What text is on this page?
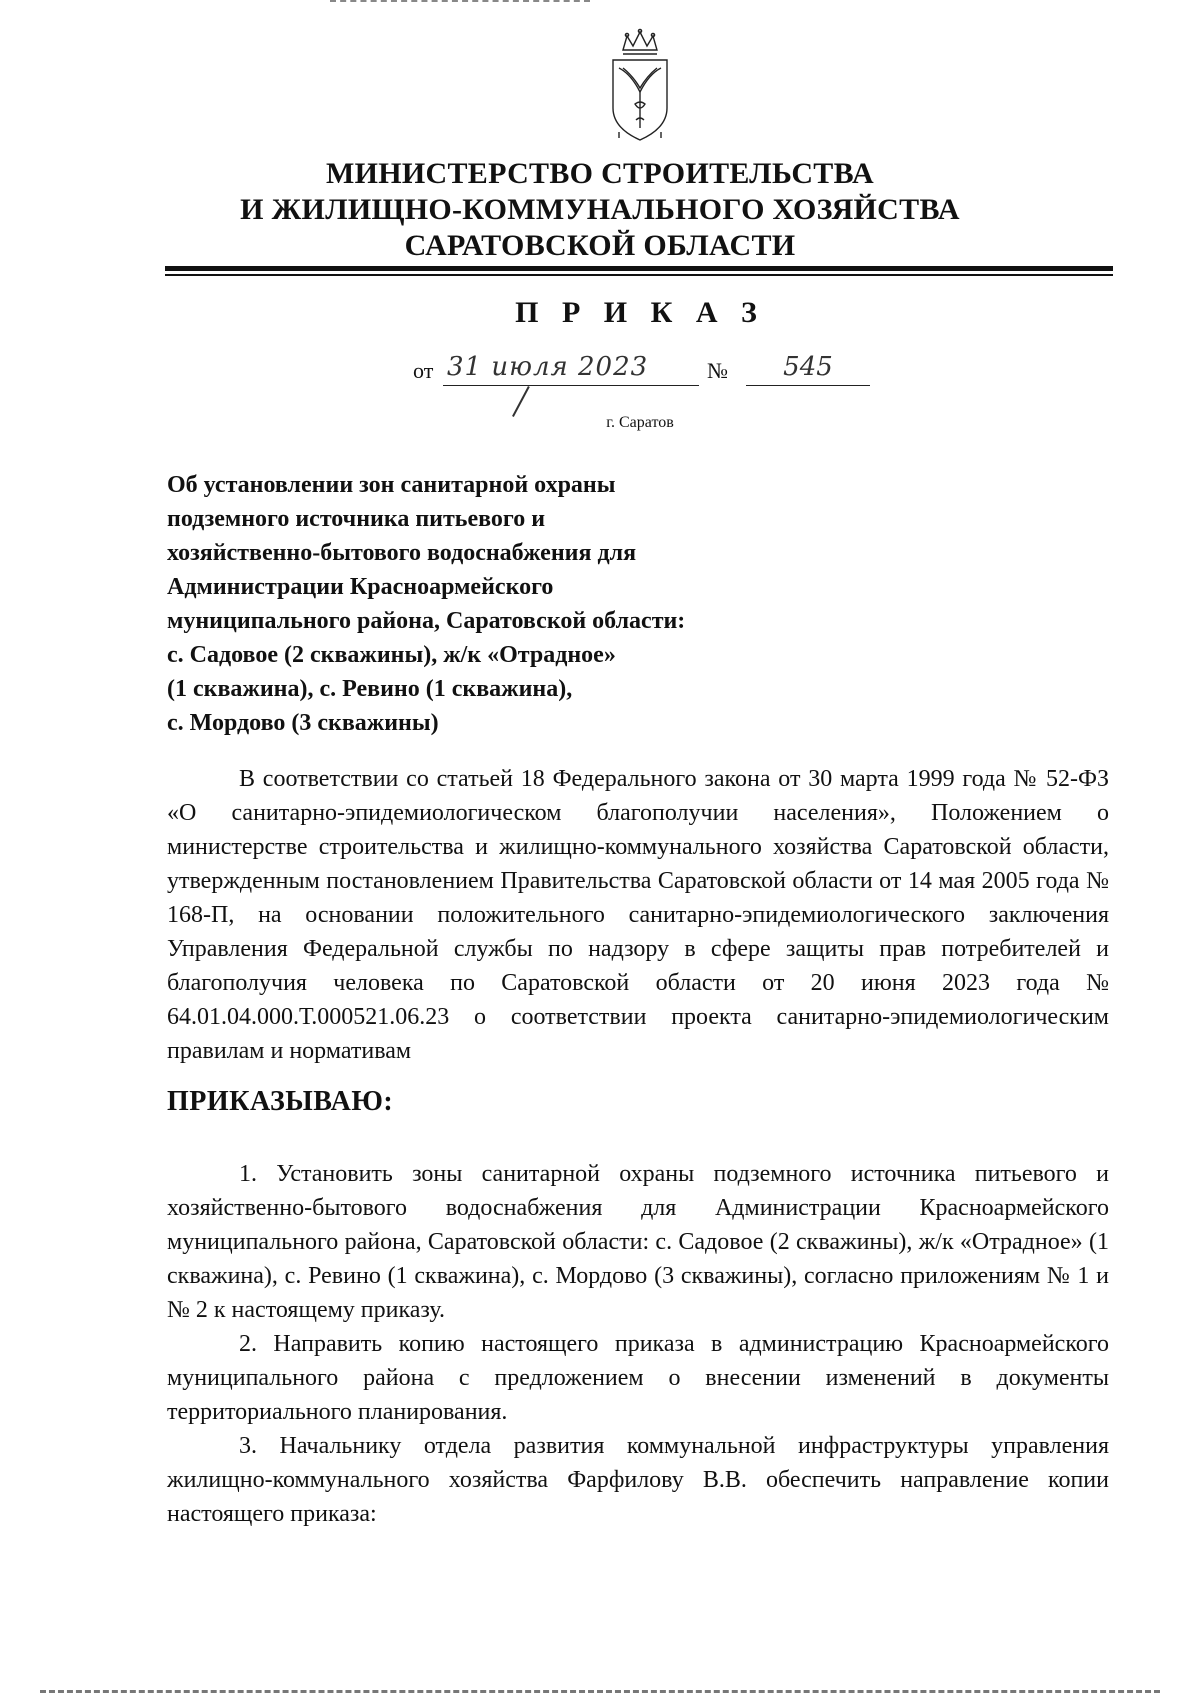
МИНИСТЕРСТВО СТРОИТЕЛЬСТВА
И ЖИЛИЩНО-КОММУНАЛЬНОГО ХОЗЯЙСТВА
САРАТОВСКОЙ ОБЛАСТИ
П Р И К А З
от 31 июля 2023	№	545
г. Саратов
Об установлении зон санитарной охраны
подземного источника питьевого и
хозяйственно-бытового водоснабжения для
Администрации Красноармейского
муниципального района, Саратовской области:
с. Садовое (2 скважины), ж/к «Отрадное»
(1 скважина), с. Ревино (1 скважина),
с. Мордово (3 скважины)
В соответствии со статьей 18 Федерального закона от 30 марта 1999 года № 52-ФЗ «О санитарно-эпидемиологическом благополучии населения», Положением о министерстве строительства и жилищно-коммунального хозяйства Саратовской области, утвержденным постановлением Правительства Саратовской области от 14 мая 2005 года № 168-П, на основании положительного санитарно-эпидемиологического заключения Управления Федеральной службы по надзору в сфере защиты прав потребителей и благополучия человека по Саратовской области от 20 июня 2023 года № 64.01.04.000.Т.000521.06.23 о соответствии проекта санитарно-эпидемиологическим правилам и нормативам
ПРИКАЗЫВАЮ:
1. Установить зоны санитарной охраны подземного источника питьевого и хозяйственно-бытового водоснабжения для Администрации Красноармейского муниципального района, Саратовской области: с. Садовое (2 скважины), ж/к «Отрадное» (1 скважина), с. Ревино (1 скважина), с. Мордово (3 скважины), согласно приложениям № 1 и № 2 к настоящему приказу.
2. Направить копию настоящего приказа в администрацию Красноармейского муниципального района с предложением о внесении изменений в документы территориального планирования.
3. Начальнику отдела развития коммунальной инфраструктуры управления жилищно-коммунального хозяйства Фарфилову В.В. обеспечить направление копии настоящего приказа:
